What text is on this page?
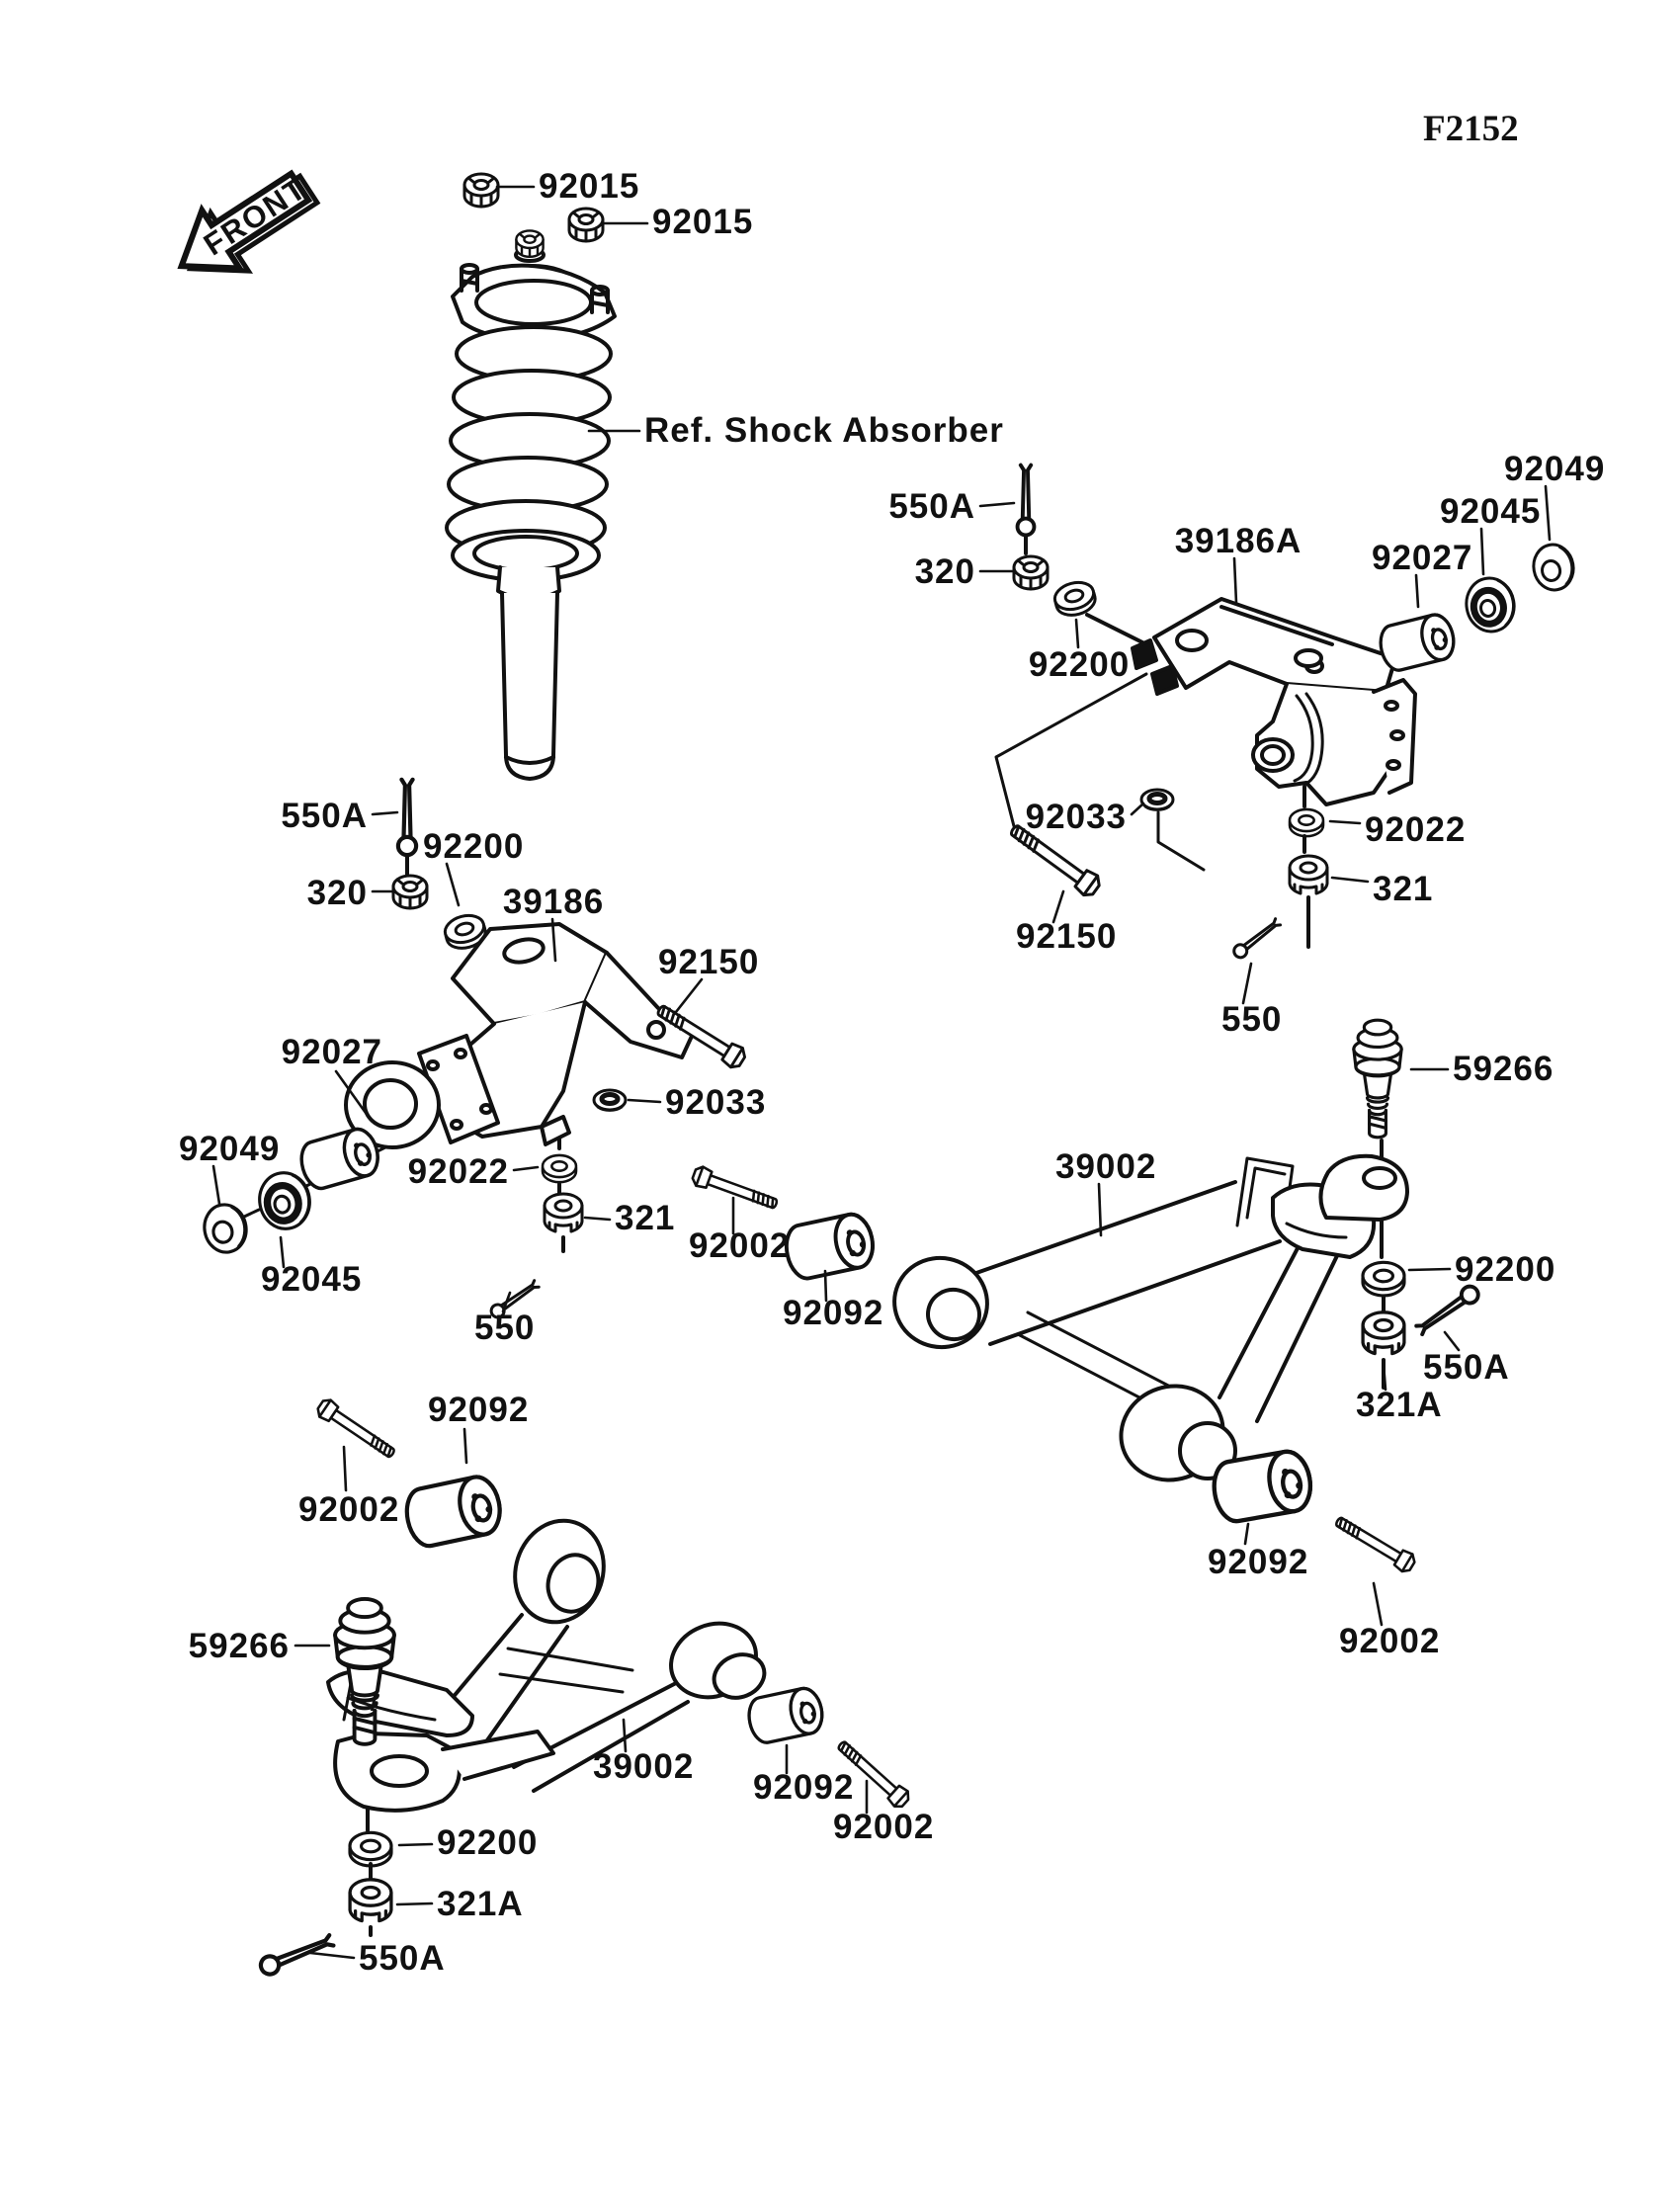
FRONT
F2152
92015
92015
Ref. Shock Absorber
550A
320
92200
39186A 92027
92045
92049
92033
92150
92022
321
550
550A
92200
320	39186
92150
92027
92033
92022
92049
92045
321
550
59266
39002
92200
550A
321A
92092
92002
92002
92092
92092
92002
59266
39002
92092
92002
92200
321A
550A
